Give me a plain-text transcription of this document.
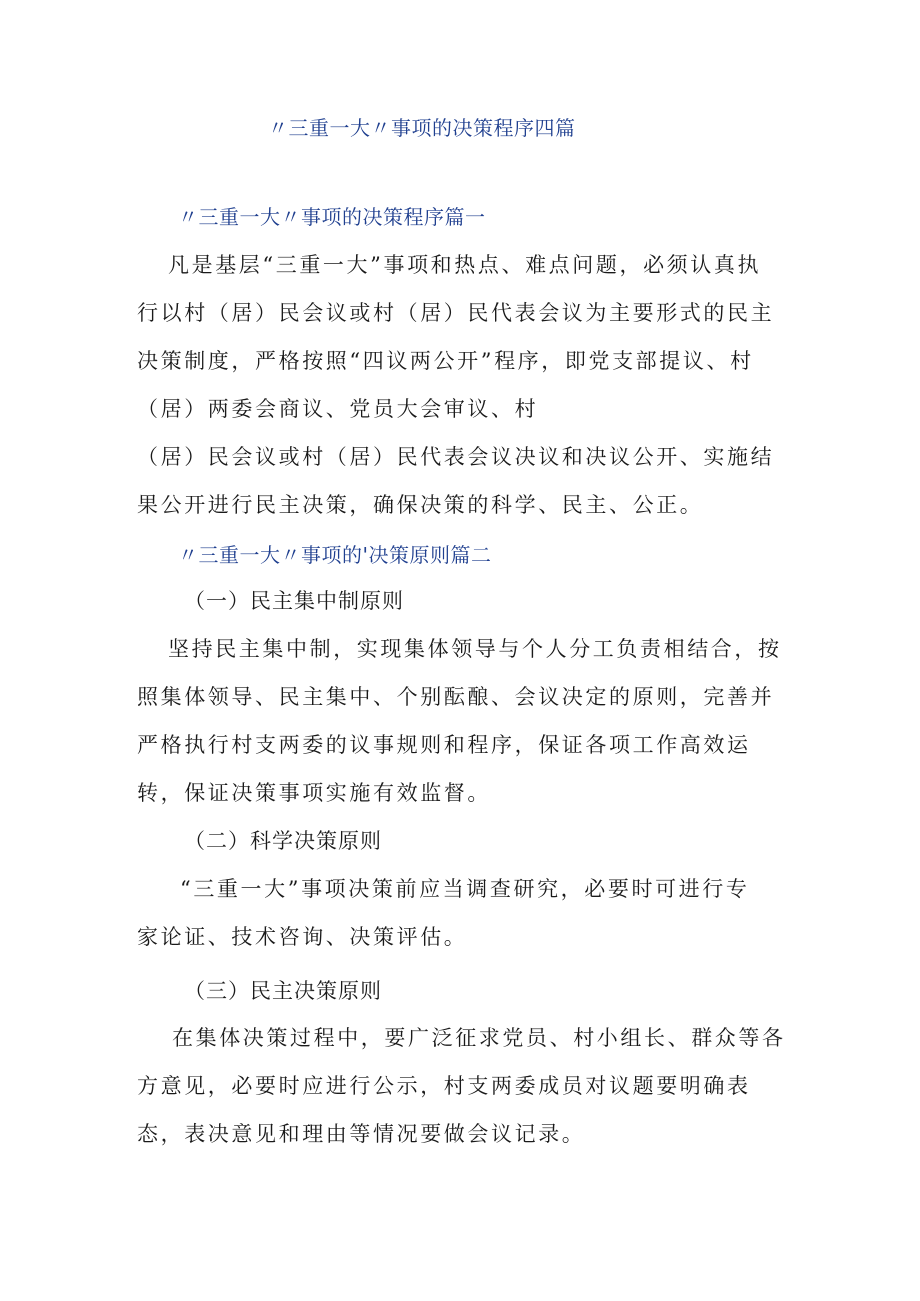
〃三重一大〃事项的决策程序四篇
〃三重一大〃事项的决策程序篇一
凡是基层“三重一大”事项和热点、难点问题，必须认真执
行以村（居）民会议或村（居）民代表会议为主要形式的民主
决策制度，严格按照“四议两公开”程序，即党支部提议、村
（居）两委会商议、党员大会审议、村
（居）民会议或村（居）民代表会议决议和决议公开、实施结
果公开进行民主决策，确保决策的科学、民主、公正。
〃三重一大〃事项的'决策原则篇二
（一）民主集中制原则
坚持民主集中制，实现集体领导与个人分工负责相结合，按
照集体领导、民主集中、个别酝酿、会议决定的原则，完善并
严格执行村支两委的议事规则和程序，保证各项工作高效运
转，保证决策事项实施有效监督。
（二）科学决策原则
“三重一大”事项决策前应当调查研究，必要时可进行专
家论证、技术咨询、决策评估。
（三）民主决策原则
在集体决策过程中，要广泛征求党员、村小组长、群众等各
方意见，必要时应进行公示，村支两委成员对议题要明确表
态，表决意见和理由等情况要做会议记录。
